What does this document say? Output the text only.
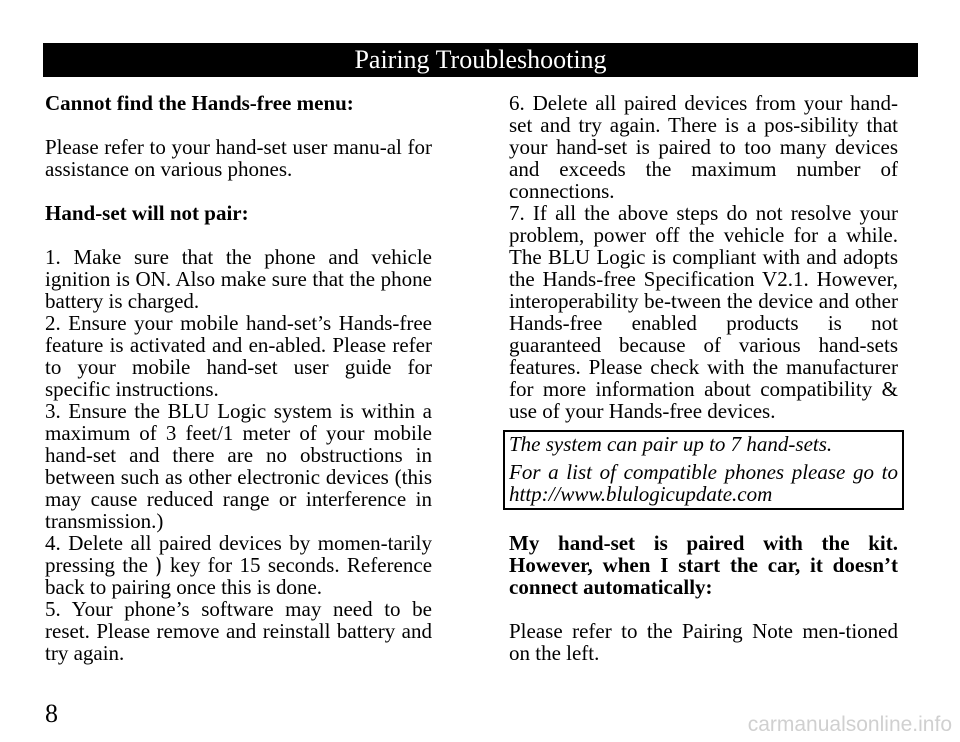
Pairing Troubleshooting

Cannot find the Hands-free menu:

Please refer to your hand-set user manu-al for assistance on various phones.

Hand-set will not pair:

1. Make sure that the phone and vehicle ignition is ON. Also make sure that the phone battery is charged.

2. Ensure your mobile hand-set’s Hands-free feature is activated and en-abled. Please refer to your mobile hand-set user guide for specific instructions.

3. Ensure the BLU Logic system is within a maximum of 3 feet/1 meter of your mobile hand-set and there are no obstructions in between such as other electronic devices (this may cause reduced range or interference in transmission.)

4. Delete all paired devices by momen-tarily pressing the ) key for 15 seconds. Reference back to pairing once this is done.

5. Your phone’s software may need to be reset. Please remove and reinstall battery and try again.

6. Delete all paired devices from your hand-set and try again. There is a pos-sibility that your hand-set is paired to too many devices and exceeds the maximum number of connections.

7. If all the above steps do not resolve your problem, power off the vehicle for a while. The BLU Logic is compliant with and adopts the Hands-free Specification V2.1. However, interoperability be-tween the device and other Hands-free enabled products is not guaranteed because of various hand-sets features. Please check with the manufacturer for more information about compatibility & use of your Hands-free devices.

The system can pair up to 7 hand-sets.

For a list of compatible phones please go to http://www.blulogicupdate.com

My hand-set is paired with the kit. However, when I start the car, it doesn’t connect automatically:

Please refer to the Pairing Note men-tioned on the left.

8	carmanualsonline.info
